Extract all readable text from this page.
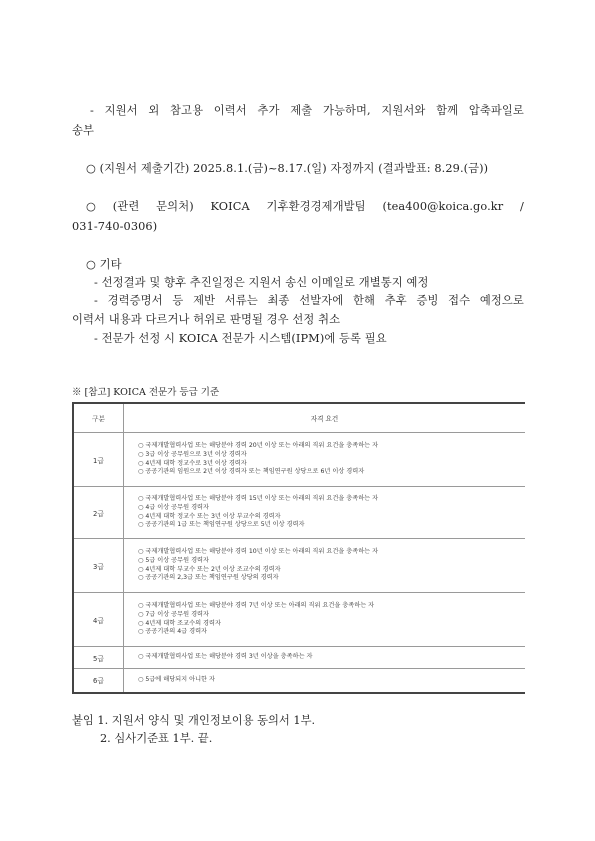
- 지원서 외 참고용 이력서 추가 제출 가능하며, 지원서와 함께 압축파일로
송부
○ (지원서 제출기간) 2025.8.1.(금)~8.17.(일) 자정까지 (결과발표: 8.29.(금))
○ (관련 문의처) KOICA 기후환경경제개발팀 (tea400@koica.go.kr /
031-740-0306)
○ 기타
- 선정결과 및 향후 추진일정은 지원서 송신 이메일로 개별통지 예정
- 경력증명서 등 제반 서류는 최종 선발자에 한해 추후 증빙 접수 예정으로
이력서 내용과 다르거나 허위로 판명될 경우 선정 취소
- 전문가 선정 시 KOICA 전문가 시스템(IPM)에 등록 필요
※ [참고] KOICA 전문가 등급 기준
구분	자격 요건
1급	○ 국제개발협력사업 또는 해당분야 경력 20년 이상 또는 아래의 직위 요건을 충족하는 자
○ 3급 이상 공무원으로 3년 이상 경력자
○ 4년제 대학 정교수로 3년 이상 경력자
○ 공공기관의 임원으로 2년 이상 경력자 또는 책임연구원 상당으로 6년 이상 경력자

2급	○ 국제개발협력사업 또는 해당분야 경력 15년 이상 또는 아래의 직위 요건을 충족하는 자
○ 4급 이상 공무원 경력자
○ 4년제 대학 정교수 또는 3년 이상 부교수의 경력자
○ 공공기관의 1급 또는 책임연구원 상당으로 5년 이상 경력자

3급	○ 국제개발협력사업 또는 해당분야 경력 10년 이상 또는 아래의 직위 요건을 충족하는 자
○ 5급 이상 공무원 경력자
○ 4년제 대학 부교수 또는 2년 이상 조교수의 경력자
○ 공공기관의 2,3급 또는 책임연구원 상당의 경력자

4급	○ 국제개발협력사업 또는 해당분야 경력 7년 이상 또는 아래의 직위 요건을 충족하는 자
○ 7급 이상 공무원 경력자
○ 4년제 대학 조교수의 경력자
○ 공공기관의 4급 경력자

5급	○ 국제개발협력사업 또는 해당분야 경력 3년 이상을 충족하는 자

6급	○ 5급에 해당되지 아니한 자
붙임 1. 지원서 양식 및 개인정보이용 동의서 1부.
2. 심사기준표 1부. 끝.
